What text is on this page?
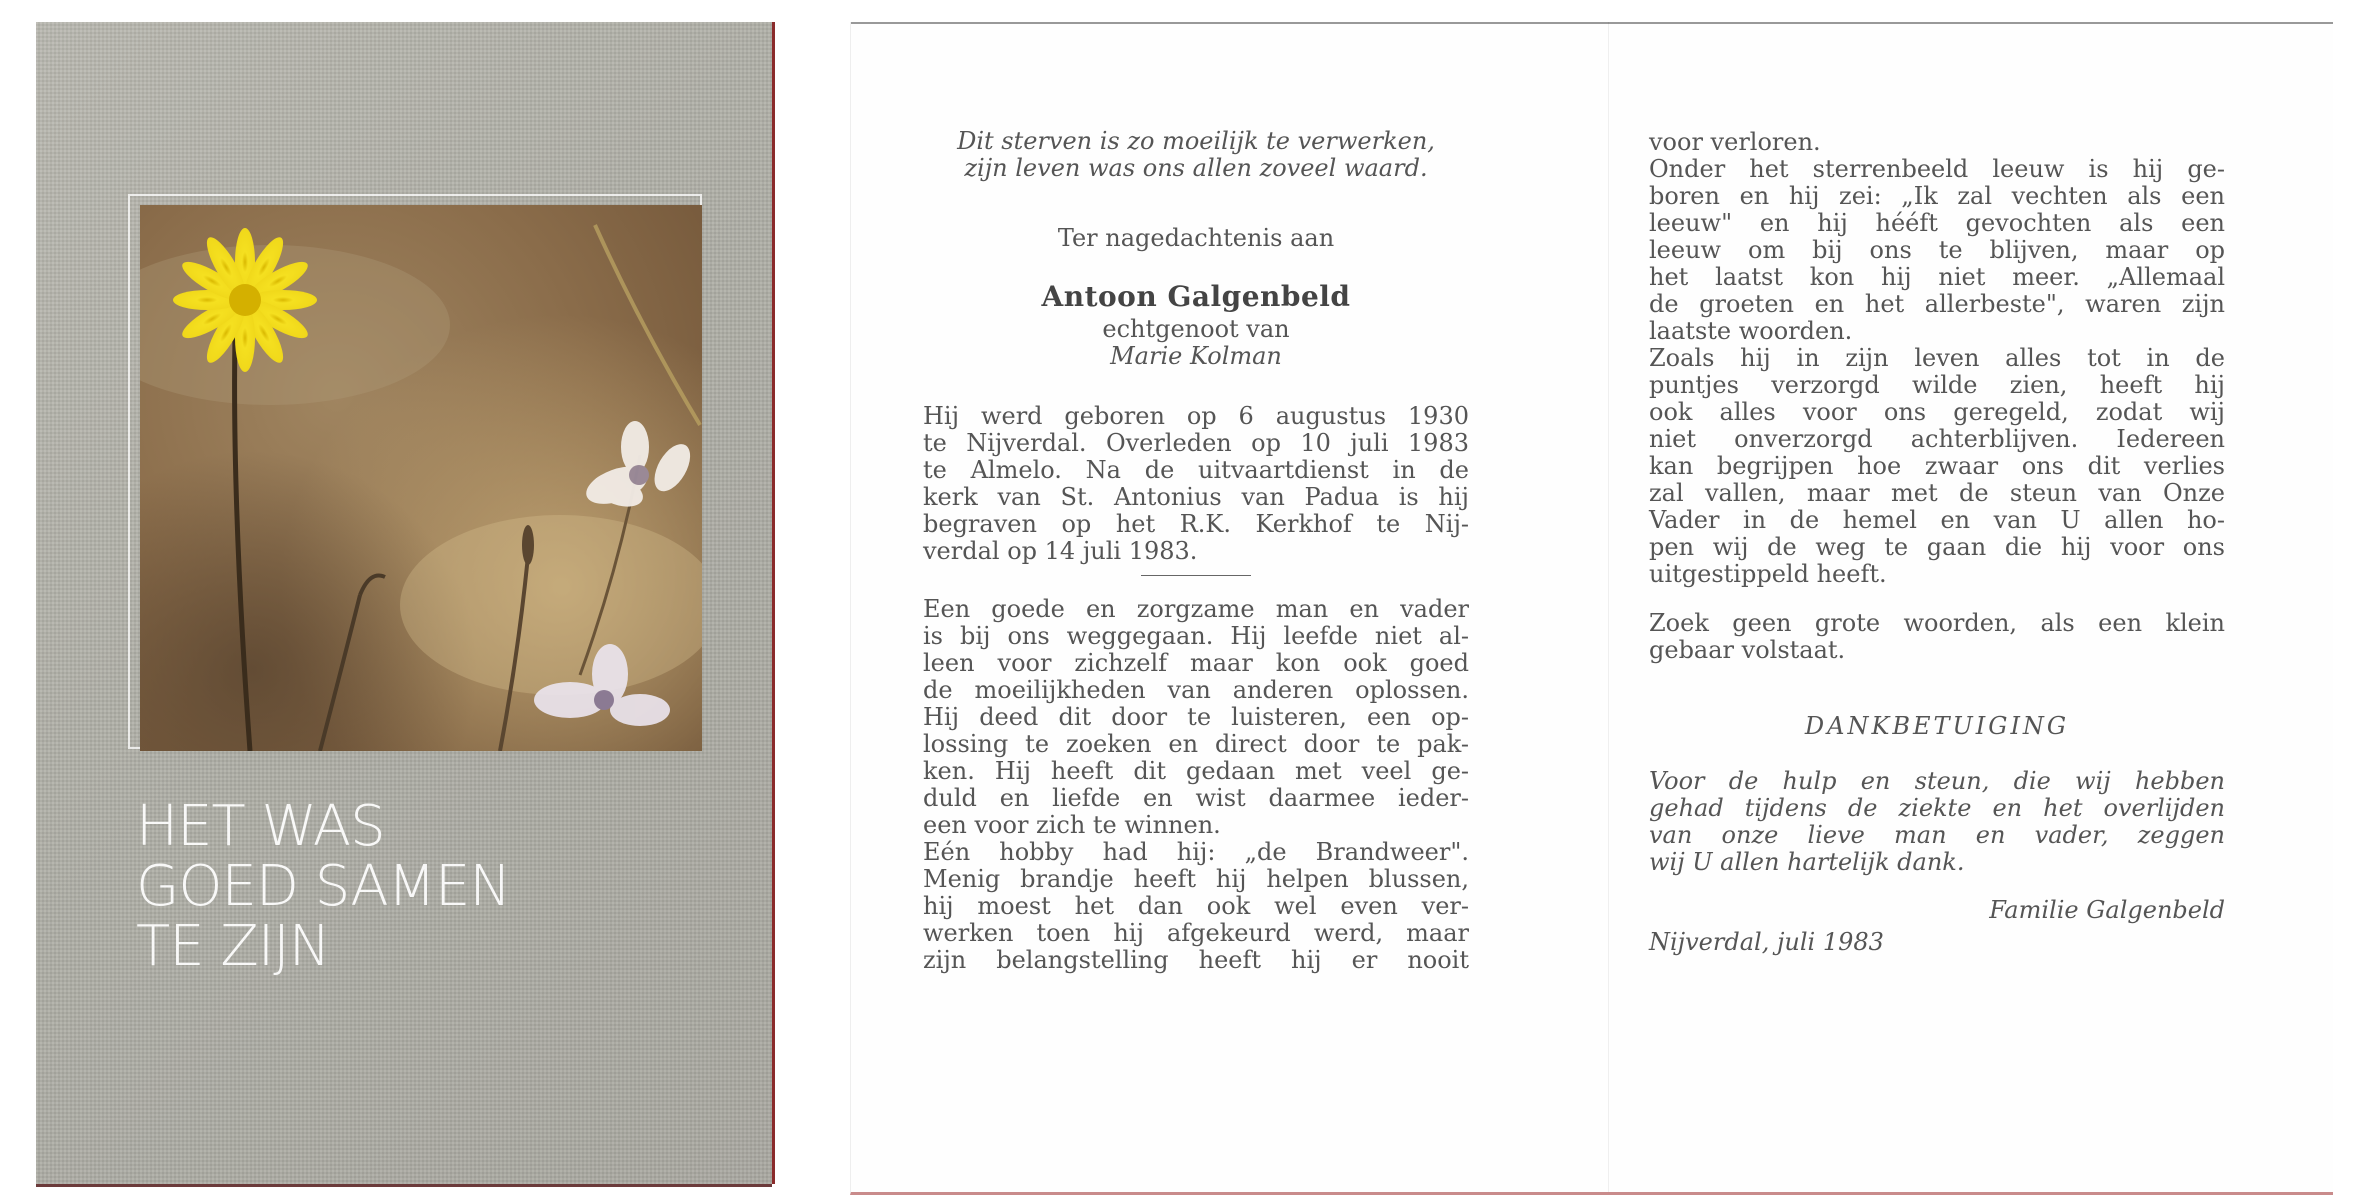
HET WAS
GOED SAMEN
TE ZIJN
Dit sterven is zo moeilijk te verwerken,
zijn leven was ons allen zoveel waard.
Ter nagedachtenis aan
Antoon Galgenbeld
echtgenoot van
Marie Kolman
Hij werd geboren op 6 augustus 1930
te Nijverdal. Overleden op 10 juli 1983
te Almelo. Na de uitvaartdienst in de
kerk van St. Antonius van Padua is hij
begraven op het R.K. Kerkhof te Nij-
verdal op 14 juli 1983.
Een goede en zorgzame man en vader
is bij ons weggegaan. Hij leefde niet al-
leen voor zichzelf maar kon ook goed
de moeilijkheden van anderen oplossen.
Hij deed dit door te luisteren, een op-
lossing te zoeken en direct door te pak-
ken. Hij heeft dit gedaan met veel ge-
duld en liefde en wist daarmee ieder-
een voor zich te winnen.
Eén hobby had hij: „de Brandweer".
Menig brandje heeft hij helpen blussen,
hij moest het dan ook wel even ver-
werken toen hij afgekeurd werd, maar
zijn belangstelling heeft hij er nooit
voor verloren.
Onder het sterrenbeeld leeuw is hij ge-
boren en hij zei: „Ik zal vechten als een
leeuw" en hij hééft gevochten als een
leeuw om bij ons te blijven, maar op
het laatst kon hij niet meer. „Allemaal
de groeten en het allerbeste", waren zijn
laatste woorden.
Zoals hij in zijn leven alles tot in de
puntjes verzorgd wilde zien, heeft hij
ook alles voor ons geregeld, zodat wij
niet onverzorgd achterblijven. Iedereen
kan begrijpen hoe zwaar ons dit verlies
zal vallen, maar met de steun van Onze
Vader in de hemel en van U allen ho-
pen wij de weg te gaan die hij voor ons
uitgestippeld heeft.
Zoek geen grote woorden, als een klein
gebaar volstaat.
DANKBETUIGING
Voor de hulp en steun, die wij hebben
gehad tijdens de ziekte en het overlijden
van onze lieve man en vader, zeggen
wij U allen hartelijk dank.
Familie Galgenbeld
Nijverdal, juli 1983
